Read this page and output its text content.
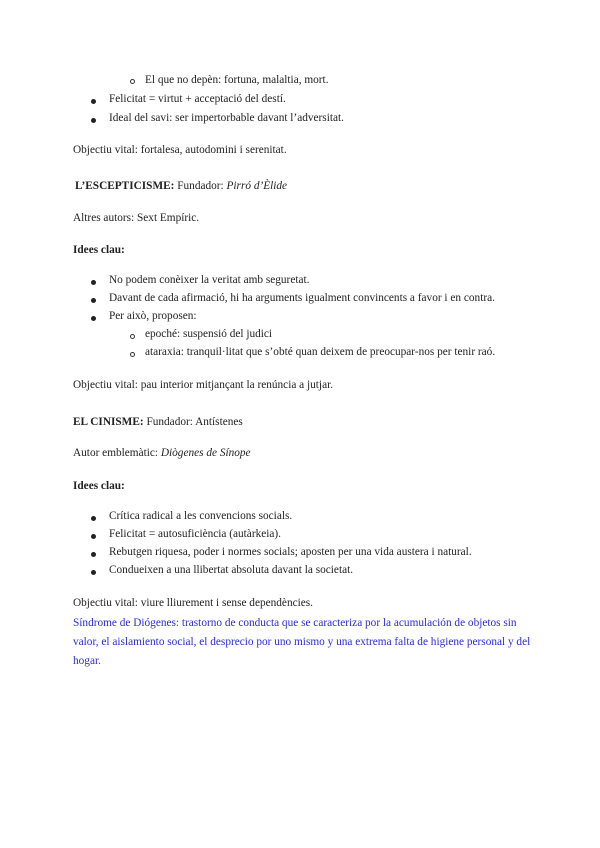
El que no depèn: fortuna, malaltia, mort.
Felicitat = virtut + acceptació del destí.
Ideal del savi: ser impertorbable davant l’adversitat.
Objectiu vital: fortalesa, autodomini i serenitat.
L’ESCEPTICISME: Fundador: Pirró d’Èlide
Altres autors: Sext Empíric.
Idees clau:
No podem conèixer la veritat amb seguretat.
Davant de cada afirmació, hi ha arguments igualment convincents a favor i en contra.
Per això, proposen:
epoché: suspensió del judici
ataraxia: tranquil·litat que s’obté quan deixem de preocupar-nos per tenir raó.
Objectiu vital: pau interior mitjançant la renúncia a jutjar.
EL CINISME: Fundador: Antístenes
Autor emblemàtic: Diògenes de Sínope
Idees clau:
Crítica radical a les convencions socials.
Felicitat = autosuficiència (autàrkeia).
Rebutgen riquesa, poder i normes socials; aposten per una vida austera i natural.
Condueixen a una llibertat absoluta davant la societat.
Objectiu vital: viure lliurement i sense dependències.
Síndrome de Diógenes: trastorno de conducta que se caracteriza por la acumulación de objetos sin
valor, el aislamiento social, el desprecio por uno mismo y una extrema falta de higiene personal y del
hogar.
